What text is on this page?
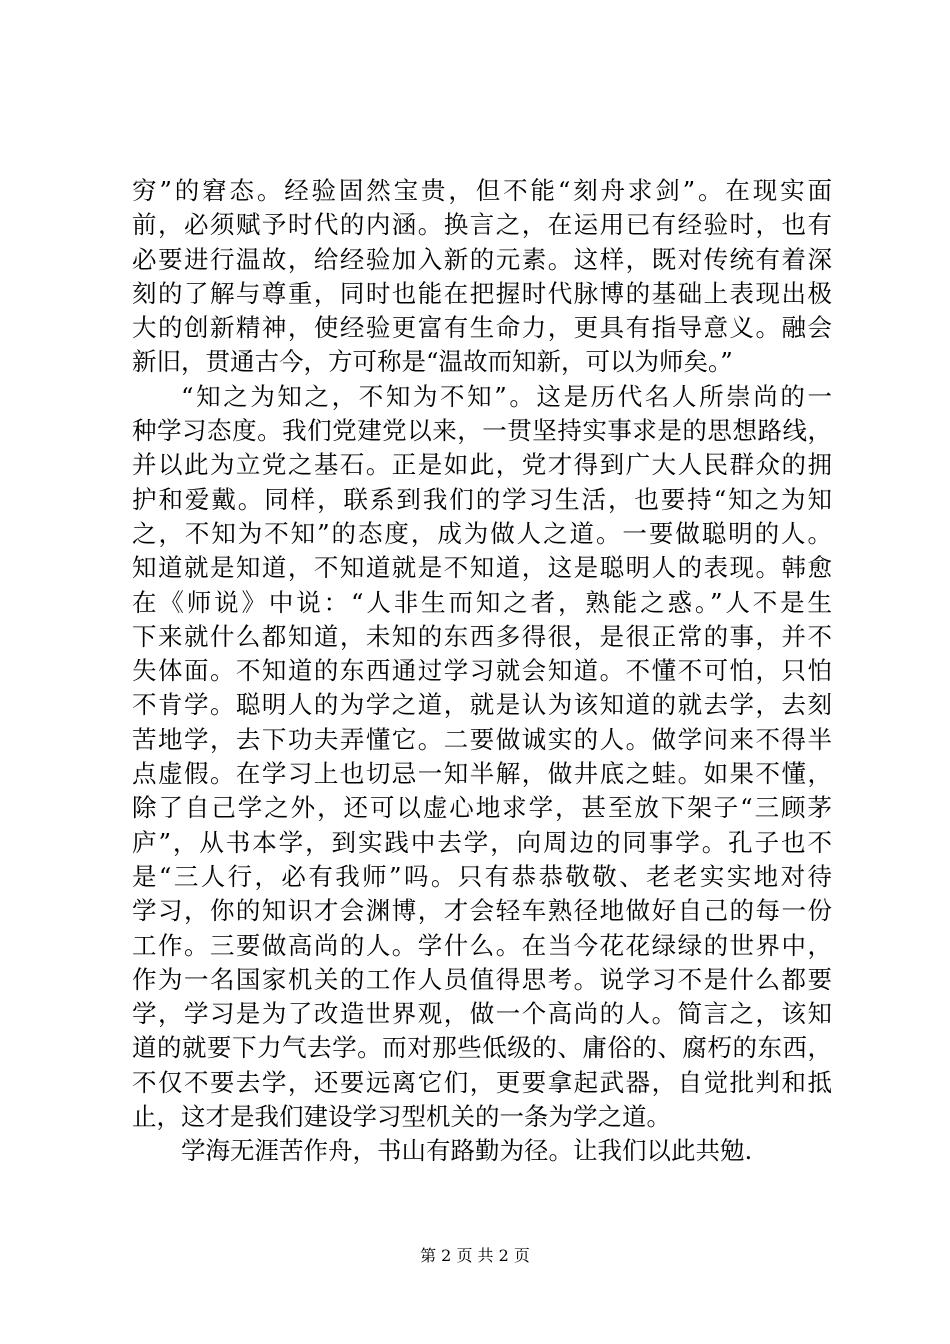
穷”的窘态。经验固然宝贵，但不能“刻舟求剑”。在现实面
前，必须赋予时代的内涵。换言之，在运用已有经验时，也有
必要进行温故，给经验加入新的元素。这样，既对传统有着深
刻的了解与尊重，同时也能在把握时代脉博的基础上表现出极
大的创新精神，使经验更富有生命力，更具有指导意义。融会
新旧，贯通古今，方可称是“温故而知新，可以为师矣。”
“知之为知之，不知为不知”。这是历代名人所崇尚的一
种学习态度。我们党建党以来，一贯坚持实事求是的思想路线，
并以此为立党之基石。正是如此，党才得到广大人民群众的拥
护和爱戴。同样，联系到我们的学习生活，也要持“知之为知
之，不知为不知”的态度，成为做人之道。一要做聪明的人。
知道就是知道，不知道就是不知道，这是聪明人的表现。韩愈
在《师说》中说：“人非生而知之者，熟能之惑。”人不是生
下来就什么都知道，未知的东西多得很，是很正常的事，并不
失体面。不知道的东西通过学习就会知道。不懂不可怕，只怕
不肯学。聪明人的为学之道，就是认为该知道的就去学，去刻
苦地学，去下功夫弄懂它。二要做诚实的人。做学问来不得半
点虚假。在学习上也切忌一知半解，做井底之蛙。如果不懂，
除了自己学之外，还可以虚心地求学，甚至放下架子“三顾茅
庐”，从书本学，到实践中去学，向周边的同事学。孔子也不
是“三人行，必有我师”吗。只有恭恭敬敬、老老实实地对待
学习，你的知识才会渊博，才会轻车熟径地做好自己的每一份
工作。三要做高尚的人。学什么。在当今花花绿绿的世界中，
作为一名国家机关的工作人员值得思考。说学习不是什么都要
学，学习是为了改造世界观，做一个高尚的人。简言之，该知
道的就要下力气去学。而对那些低级的、庸俗的、腐朽的东西，
不仅不要去学，还要远离它们，更要拿起武器，自觉批判和抵
止，这才是我们建设学习型机关的一条为学之道。
学海无涯苦作舟，书山有路勤为径。让我们以此共勉.
第 2 页 共 2 页
